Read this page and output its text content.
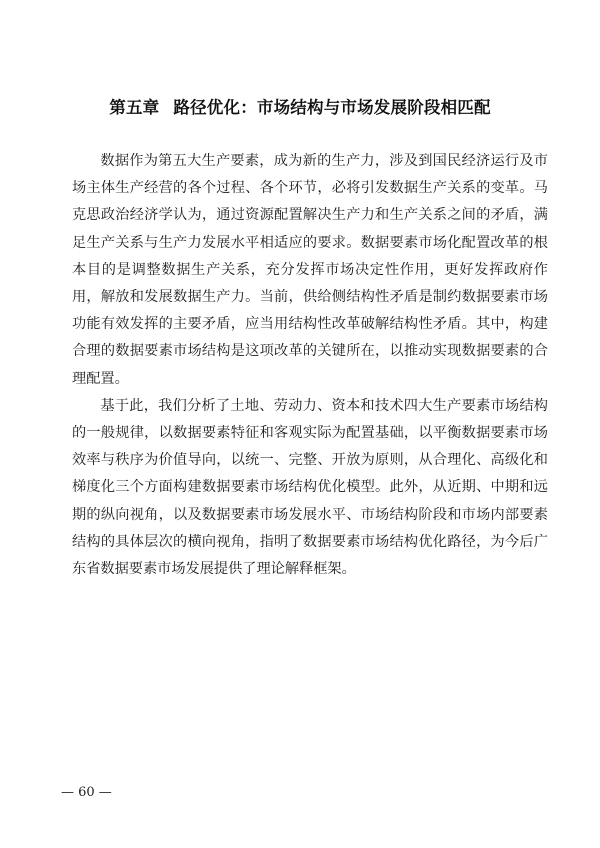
第五章 路径优化：市场结构与市场发展阶段相匹配

数据作为第五大生产要素，成为新的生产力，涉及到国民经济运行及市场主体生产经营的各个过程、各个环节，必将引发数据生产关系的变革。马克思政治经济学认为，通过资源配置解决生产力和生产关系之间的矛盾，满足生产关系与生产力发展水平相适应的要求。数据要素市场化配置改革的根本目的是调整数据生产关系，充分发挥市场决定性作用，更好发挥政府作用，解放和发展数据生产力。当前，供给侧结构性矛盾是制约数据要素市场功能有效发挥的主要矛盾，应当用结构性改革破解结构性矛盾。其中，构建合理的数据要素市场结构是这项改革的关键所在，以推动实现数据要素的合理配置。

基于此，我们分析了土地、劳动力、资本和技术四大生产要素市场结构的一般规律，以数据要素特征和客观实际为配置基础，以平衡数据要素市场效率与秩序为价值导向，以统一、完整、开放为原则，从合理化、高级化和梯度化三个方面构建数据要素市场结构优化模型。此外，从近期、中期和远期的纵向视角，以及数据要素市场发展水平、市场结构阶段和市场内部要素结构的具体层次的横向视角，指明了数据要素市场结构优化路径，为今后广东省数据要素市场发展提供了理论解释框架。

— 60 —
